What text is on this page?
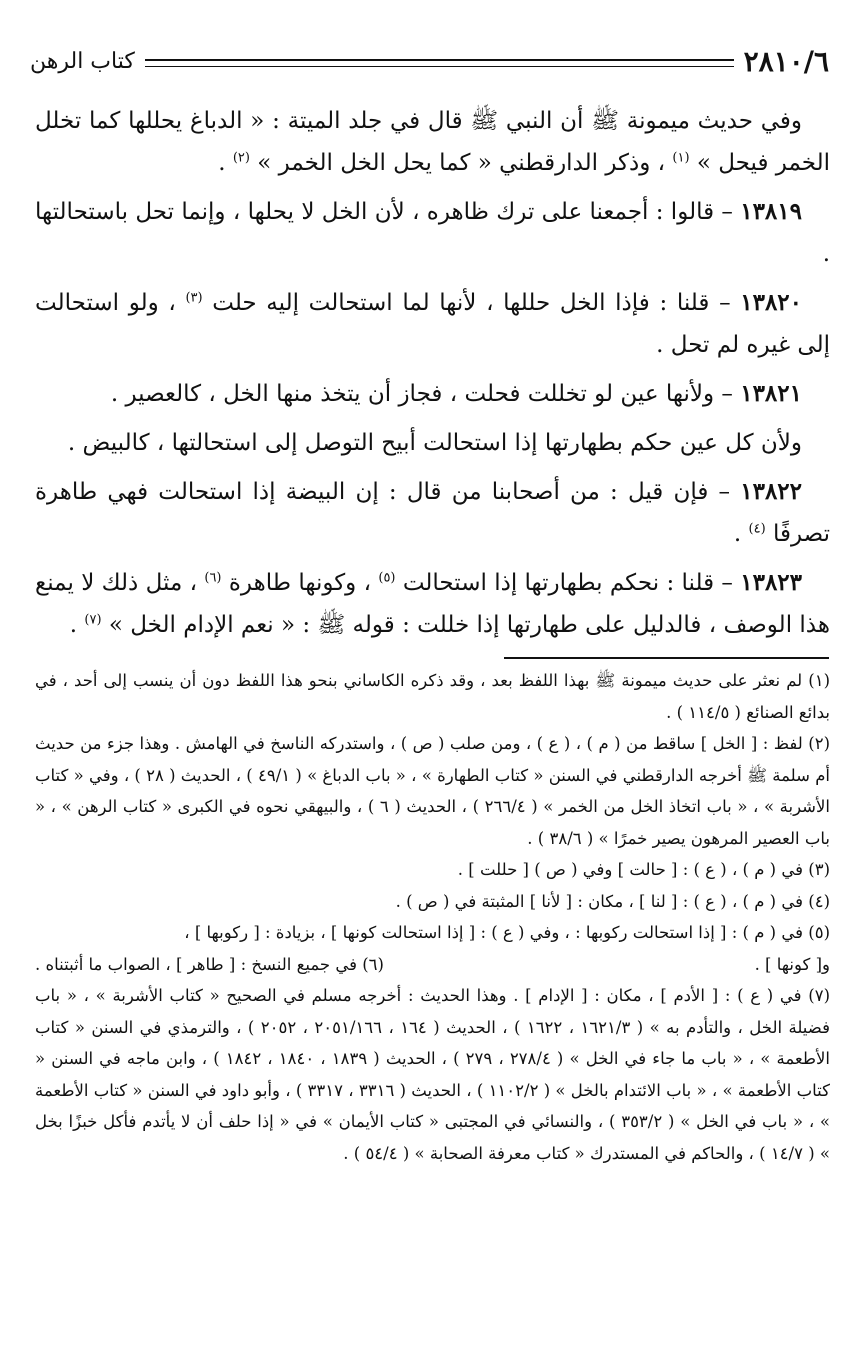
٢٨١٠/٦
كتاب الرهن

وفي حديث ميمونة ﷺ أن النبي ﷺ قال في جلد الميتة : « الدباغ يحللها كما تخلل الخمر فيحل » $^{(١)}$ ، وذكر الدارقطني « كما يحل الخل الخمر » $^{(٢)}$ .

١٣٨١٩ – قالوا : أجمعنا على ترك ظاهره ، لأن الخل لا يحلها ، وإنما تحل باستحالتها .

١٣٨٢٠ – قلنا : فإذا الخل حللها ، لأنها لما استحالت إليه حلت $^{(٣)}$ ، ولو استحالت إلى غيره لم تحل .

١٣٨٢١ – ولأنها عين لو تخللت فحلت ، فجاز أن يتخذ منها الخل ، كالعصير .

ولأن كل عين حكم بطهارتها إذا استحالت أبيح التوصل إلى استحالتها ، كالبيض .

١٣٨٢٢ – فإن قيل : من أصحابنا من قال : إن البيضة إذا استحالت فهي طاهرة تصرفًا $^{(٤)}$ .

١٣٨٢٣ – قلنا : نحكم بطهارتها إذا استحالت $^{(٥)}$ ، وكونها طاهرة $^{(٦)}$ ، مثل ذلك لا يمنع هذا الوصف ، فالدليل على طهارتها إذا خللت : قوله ﷺ : « نعم الإدام الخل » $^{(٧)}$ .

(١) لم نعثر على حديث ميمونة ﷺ بهذا اللفظ بعد ، وقد ذكره الكاساني بنحو هذا اللفظ دون أن ينسب إلى أحد ، في بدائع الصنائع ( ١١٤/٥ ) .

(٢) لفظ : [ الخل ] ساقط من ( م ) ، ( ع ) ، ومن صلب ( ص ) ، واستدركه الناسخ في الهامش . وهذا جزء من حديث أم سلمة ﷺ أخرجه الدارقطني في السنن « كتاب الطهارة » ، « باب الدباغ » ( ٤٩/١ ) ، الحديث ( ٢٨ ) ، وفي « كتاب الأشربة » ، « باب اتخاذ الخل من الخمر » ( ٢٦٦/٤ ) ، الحديث ( ٦ ) ، والبيهقي نحوه في الكبرى « كتاب الرهن » ، « باب العصير المرهون يصير خمرًا » ( ٣٨/٦ ) .

(٣) في ( م ) ، ( ع ) : [ حالت ] وفي ( ص ) [ حللت ] .

(٤) في ( م ) ، ( ع ) : [ لنا ] ، مكان : [ لأنا ] المثبتة في ( ص ) .

(٥) في ( م ) : [ إذا استحالت ركوبها : ، وفي ( ع ) : [ إذا استحالت كونها ] ، بزيادة : [ ركوبها ] ،

و[ كونها ] .
(٦) في جميع النسخ : [ طاهر ] ، الصواب ما أثبتناه .

(٧) في ( ع ) : [ الأدم ] ، مكان : [ الإدام ] . وهذا الحديث : أخرجه مسلم في الصحيح « كتاب الأشربة » ، « باب فضيلة الخل ، والتأدم به » ( ١٦٢١/٣ ، ١٦٢٢ ) ، الحديث ( ١٦٤ ، ٢٠٥١/١٦٦ ، ٢٠٥٢ ) ، والترمذي في السنن « كتاب الأطعمة » ، « باب ما جاء في الخل » ( ٢٧٨/٤ ، ٢٧٩ ) ، الحديث ( ١٨٣٩ ، ١٨٤٠ ، ١٨٤٢ ) ، وابن ماجه في السنن « كتاب الأطعمة » ، « باب الائتدام بالخل » ( ١١٠٢/٢ ) ، الحديث ( ٣٣١٦ ، ٣٣١٧ ) ، وأبو داود في السنن « كتاب الأطعمة » ، « باب في الخل » ( ٣٥٣/٢ ) ، والنسائي في المجتبى « كتاب الأيمان » في « إذا حلف أن لا يأتدم فأكل خبزًا بخل » ( ١٤/٧ ) ، والحاكم في المستدرك « كتاب معرفة الصحابة » ( ٥٤/٤ ) .
